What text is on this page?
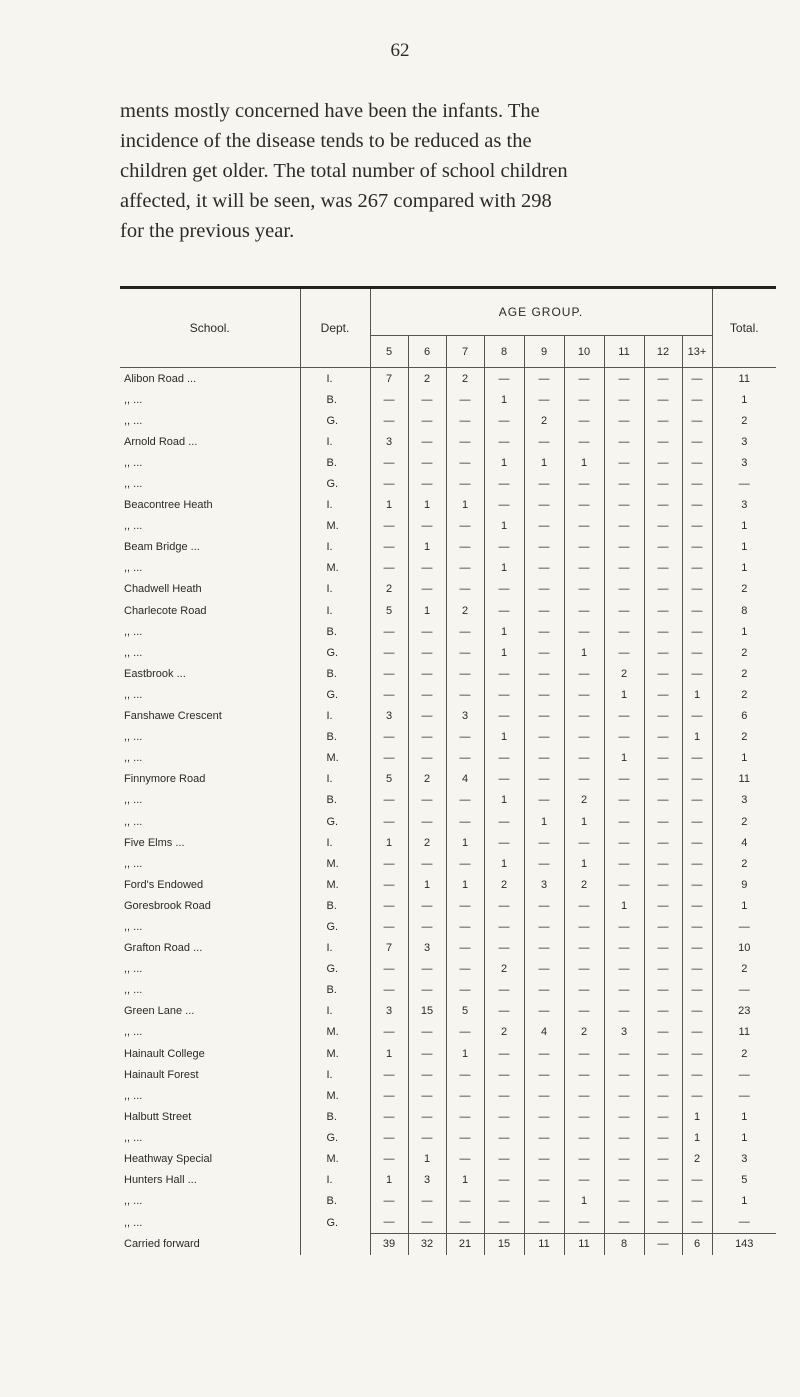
62

ments mostly concerned have been the infants. The

incidence of the disease tends to be reduced as the

children get older. The total number of school children

affected, it will be seen, was 267 compared with 298

for the previous year.

School.	Dept.	AGE GROUP.									Total.
		5	6	7	8	9	10	11	12	13+	
Alibon Road ...	I.	7	2	2	—	—	—	—	—	—	11
,, ...	B.	—	—	—	1	—	—	—	—	—	1
,, ...	G.	—	—	—	—	2	—	—	—	—	2
Arnold Road ...	I.	3	—	—	—	—	—	—	—	—	3
,, ...	B.	—	—	—	1	1	1	—	—	—	3
,, ...	G.	—	—	—	—	—	—	—	—	—	—
Beacontree Heath	I.	1	1	1	—	—	—	—	—	—	3
,, ...	M.	—	—	—	1	—	—	—	—	—	1
Beam Bridge ...	I.	—	1	—	—	—	—	—	—	—	1
,, ...	M.	—	—	—	1	—	—	—	—	—	1
Chadwell Heath	I.	2	—	—	—	—	—	—	—	—	2
Charlecote Road	I.	5	1	2	—	—	—	—	—	—	8
,, ...	B.	—	—	—	1	—	—	—	—	—	1
,, ...	G.	—	—	—	1	—	1	—	—	—	2
Eastbrook ...	B.	—	—	—	—	—	—	2	—	—	2
,, ...	G.	—	—	—	—	—	—	1	—	1	2
Fanshawe Crescent	I.	3	—	3	—	—	—	—	—	—	6
,, ...	B.	—	—	—	1	—	—	—	—	1	2
,, ...	M.	—	—	—	—	—	—	1	—	—	1
Finnymore Road	I.	5	2	4	—	—	—	—	—	—	11
,, ...	B.	—	—	—	1	—	2	—	—	—	3
,, ...	G.	—	—	—	—	1	1	—	—	—	2
Five Elms ...	I.	1	2	1	—	—	—	—	—	—	4
,, ...	M.	—	—	—	1	—	1	—	—	—	2
Ford's Endowed	M.	—	1	1	2	3	2	—	—	—	9
Goresbrook Road	B.	—	—	—	—	—	—	1	—	—	1
,, ...	G.	—	—	—	—	—	—	—	—	—	—
Grafton Road ...	I.	7	3	—	—	—	—	—	—	—	10
,, ...	G.	—	—	—	2	—	—	—	—	—	2
,, ...	B.	—	—	—	—	—	—	—	—	—	—
Green Lane ...	I.	3	15	5	—	—	—	—	—	—	23
,, ...	M.	—	—	—	2	4	2	3	—	—	11
Hainault College	M.	1	—	1	—	—	—	—	—	—	2
Hainault Forest	I.	—	—	—	—	—	—	—	—	—	—
,, ...	M.	—	—	—	—	—	—	—	—	—	—
Halbutt Street	B.	—	—	—	—	—	—	—	—	1	1
,, ...	G.	—	—	—	—	—	—	—	—	1	1
Heathway Special	M.	—	1	—	—	—	—	—	—	2	3
Hunters Hall ...	I.	1	3	1	—	—	—	—	—	—	5
,, ...	B.	—	—	—	—	—	1	—	—	—	1
,, ...	G.	—	—	—	—	—	—	—	—	—	—
Carried forward		39	32	21	15	11	11	8	—	6	143
